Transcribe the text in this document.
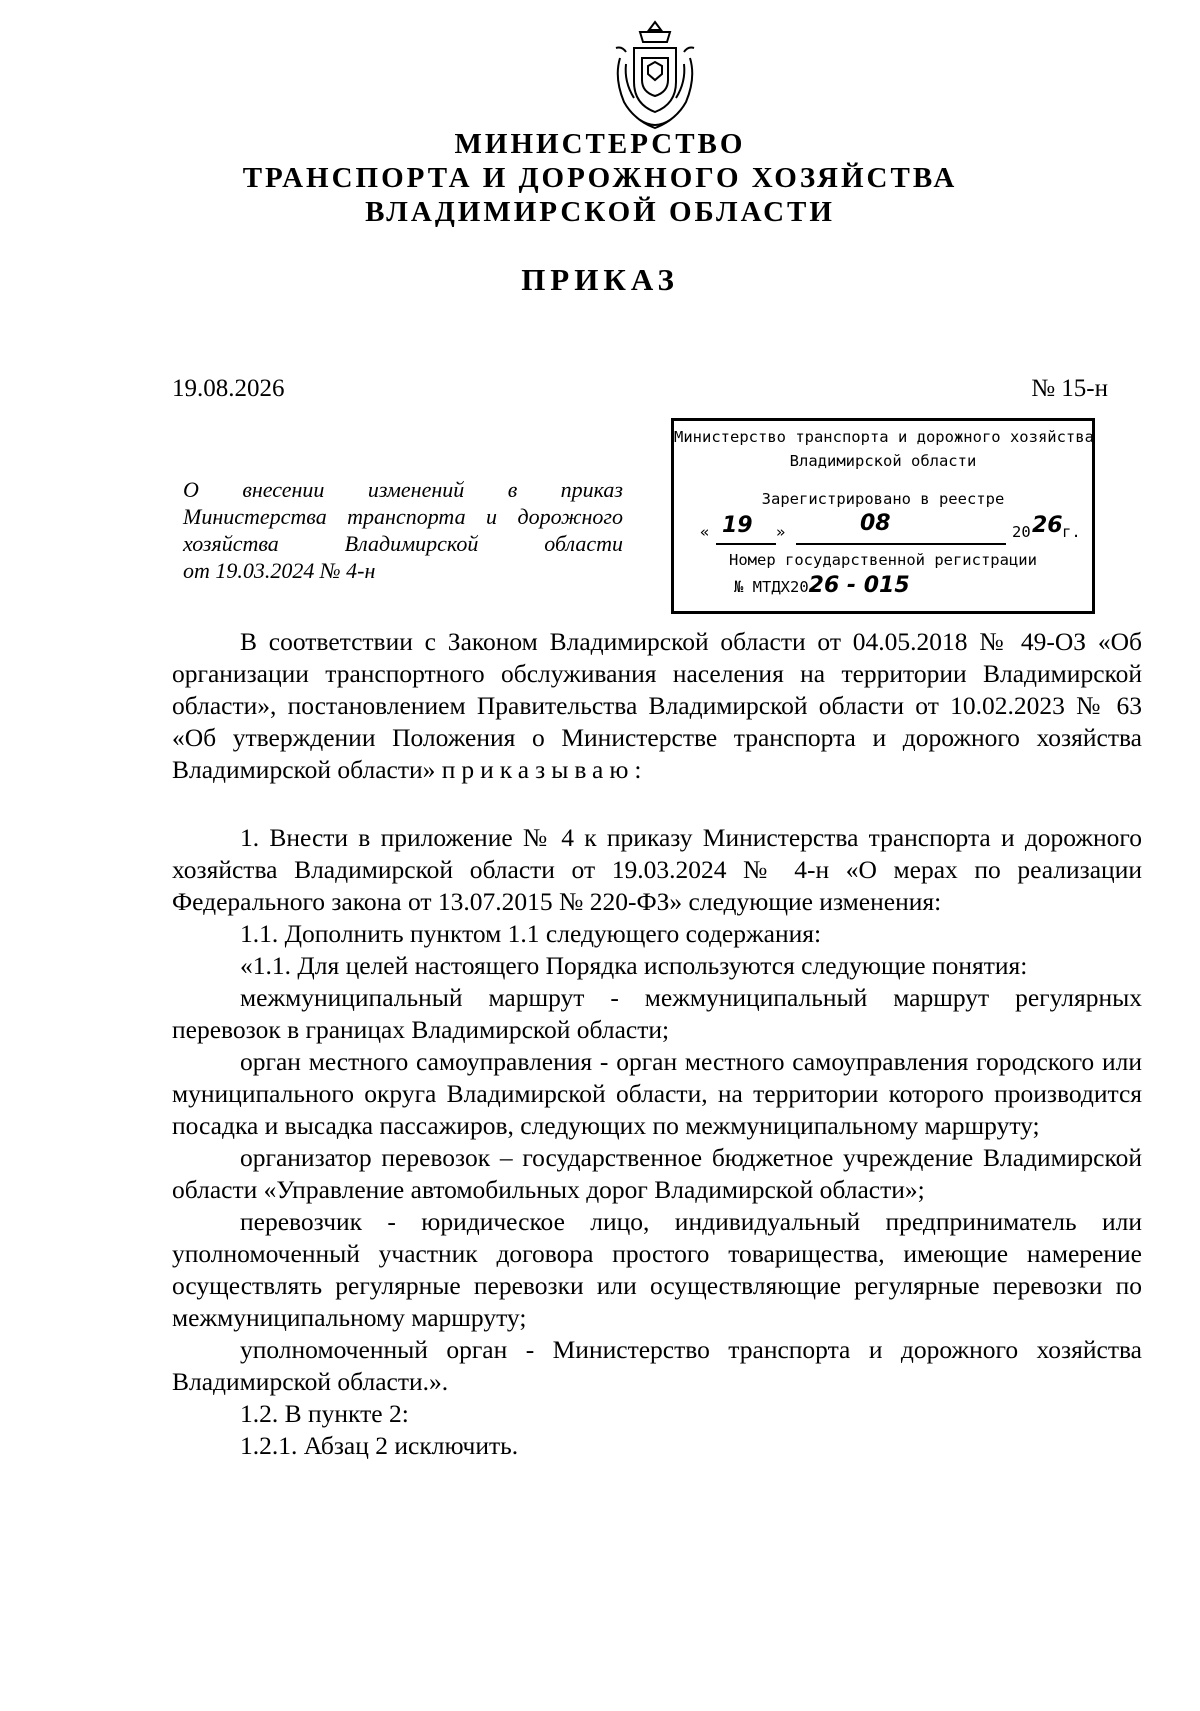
МИНИСТЕРСТВО
ТРАНСПОРТА И ДОРОЖНОГО ХОЗЯЙСТВА
ВЛАДИМИРСКОЙ ОБЛАСТИ
ПРИКАЗ
19.08.2026	№ 15-н
О внесении изменений в приказ
Министерства транспорта и дорожного
хозяйства Владимирской области
от 19.03.2024 № 4-н
Министерство транспорта и дорожного хозяйства
Владимирской области
Зарегистрировано в реестре
« 19 »	08	20 26 г.
Номер государственной регистрации
№ МТДХ2026 - 015

В соответствии с Законом Владимирской области от 04.05.2018 № 49-ОЗ «Об организации транспортного обслуживания населения на территории Владимирской области», постановлением Правительства Владимирской области от 10.02.2023 № 63 «Об утверждении Положения о Министерстве транспорта и дорожного хозяйства Владимирской области» приказываю:

1. Внести в приложение № 4 к приказу Министерства транспорта и дорожного хозяйства Владимирской области от 19.03.2024 № 4-н «О мерах по реализации Федерального закона от 13.07.2015 № 220-ФЗ» следующие изменения:

1.1. Дополнить пунктом 1.1 следующего содержания:

«1.1. Для целей настоящего Порядка используются следующие понятия:

межмуниципальный маршрут - межмуниципальный маршрут регулярных перевозок в границах Владимирской области;

орган местного самоуправления - орган местного самоуправления городского или муниципального округа Владимирской области, на территории которого производится посадка и высадка пассажиров, следующих по межмуниципальному маршруту;

организатор перевозок – государственное бюджетное учреждение Владимирской области «Управление автомобильных дорог Владимирской области»;

перевозчик - юридическое лицо, индивидуальный предприниматель или уполномоченный участник договора простого товарищества, имеющие намерение осуществлять регулярные перевозки или осуществляющие регулярные перевозки по межмуниципальному маршруту;

уполномоченный орган - Министерство транспорта и дорожного хозяйства Владимирской области.».

1.2. В пункте 2:

1.2.1. Абзац 2 исключить.
